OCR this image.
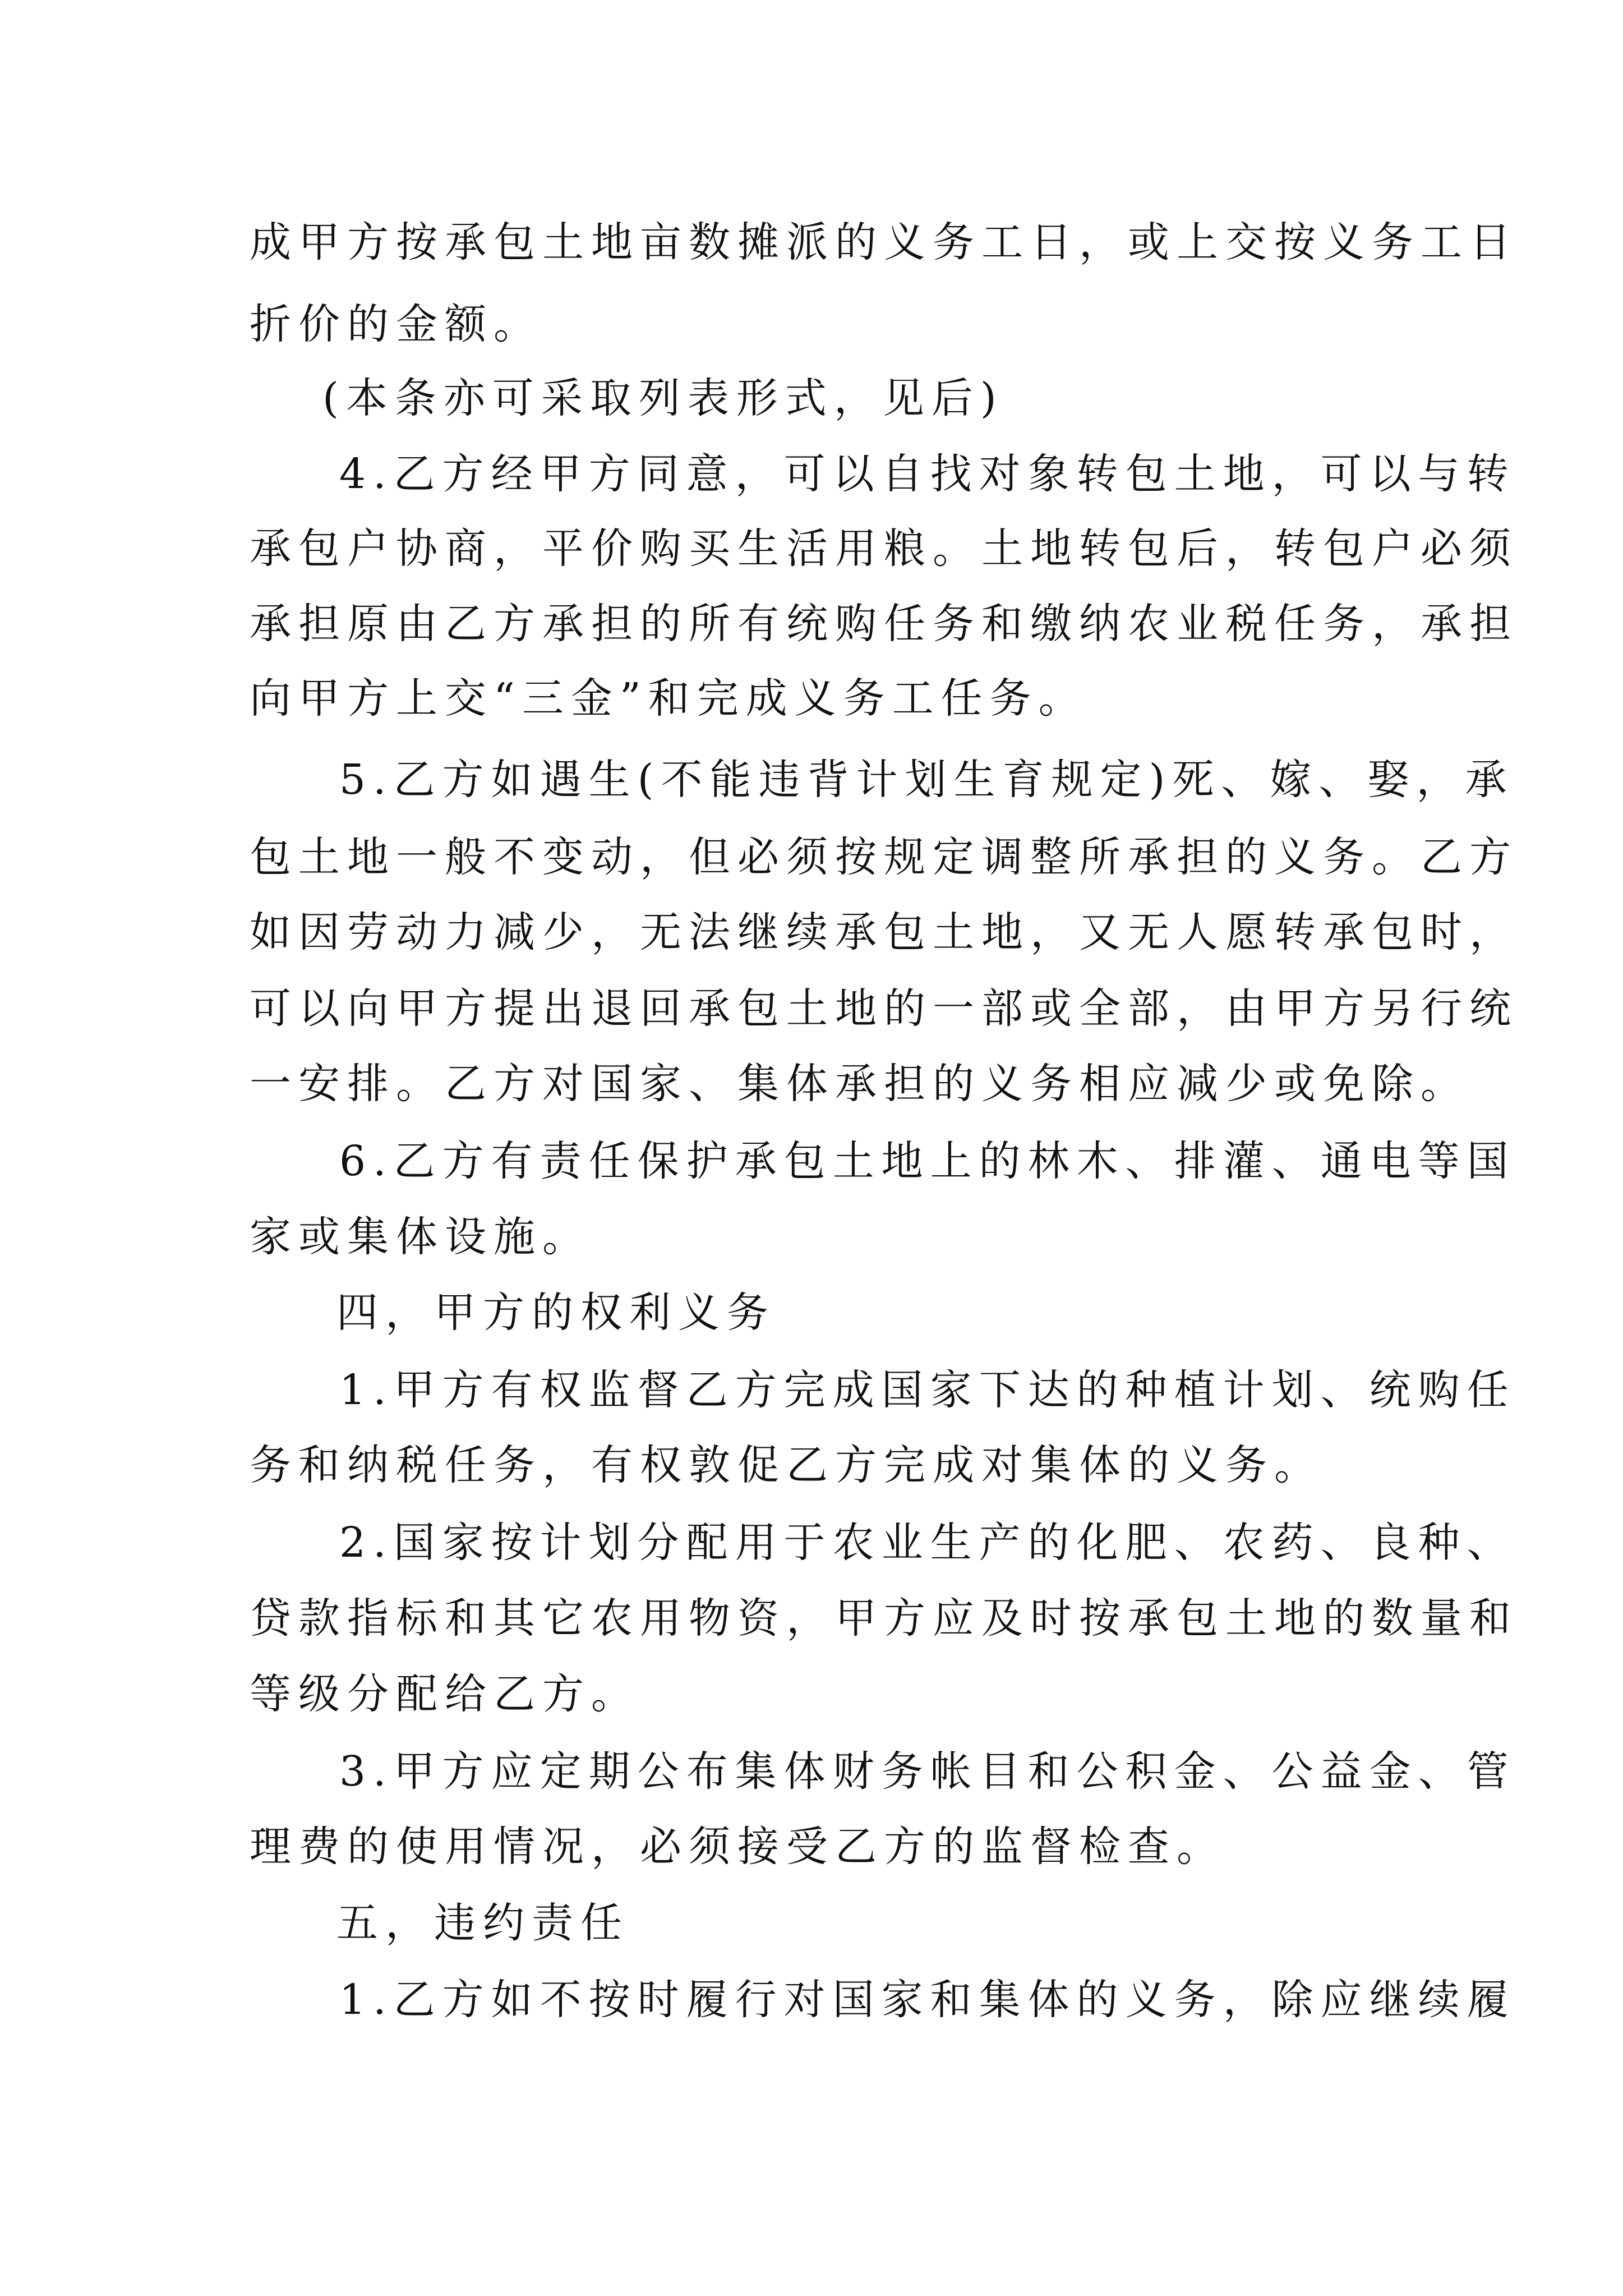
成甲方按承包土地亩数摊派的义务工日，或上交按义务工日
折价的金额。
(本条亦可采取列表形式，见后)
4.乙方经甲方同意，可以自找对象转包土地，可以与转
承包户协商，平价购买生活用粮。土地转包后，转包户必须
承担原由乙方承担的所有统购任务和缴纳农业税任务，承担
向甲方上交“三金”和完成义务工任务。
5.乙方如遇生(不能违背计划生育规定)死、嫁、娶，承
包土地一般不变动，但必须按规定调整所承担的义务。乙方
如因劳动力减少，无法继续承包土地，又无人愿转承包时，
可以向甲方提出退回承包土地的一部或全部，由甲方另行统
一安排。乙方对国家、集体承担的义务相应减少或免除。
6.乙方有责任保护承包土地上的林木、排灌、通电等国
家或集体设施。
四，甲方的权利义务
1.甲方有权监督乙方完成国家下达的种植计划、统购任
务和纳税任务，有权敦促乙方完成对集体的义务。
2.国家按计划分配用于农业生产的化肥、农药、良种、
贷款指标和其它农用物资，甲方应及时按承包土地的数量和
等级分配给乙方。
3.甲方应定期公布集体财务帐目和公积金、公益金、管
理费的使用情况，必须接受乙方的监督检查。
五，违约责任
1.乙方如不按时履行对国家和集体的义务，除应继续履
